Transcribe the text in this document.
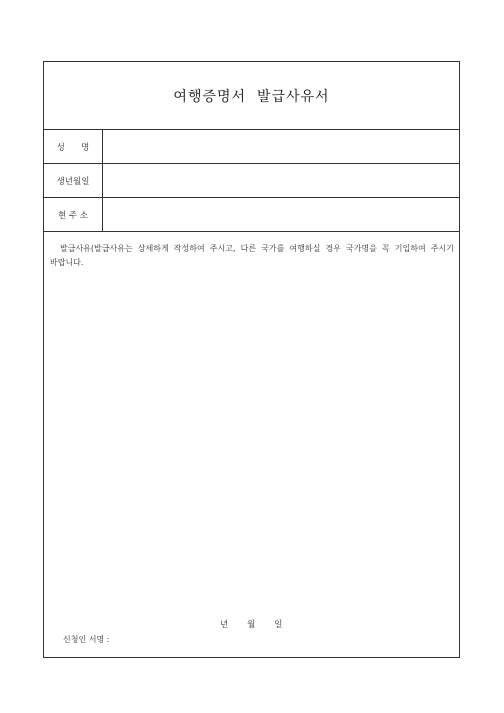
여행증명서  발급사유서
성      명
생년월일
현 주 소
발급사유(발급사유는 상세하게 작성하여 주시고, 다른 국가를 여행하실 경우 국가명을 꼭 기입하여 주시기 바랍니다.
년       월       일
신청인 서명 :
